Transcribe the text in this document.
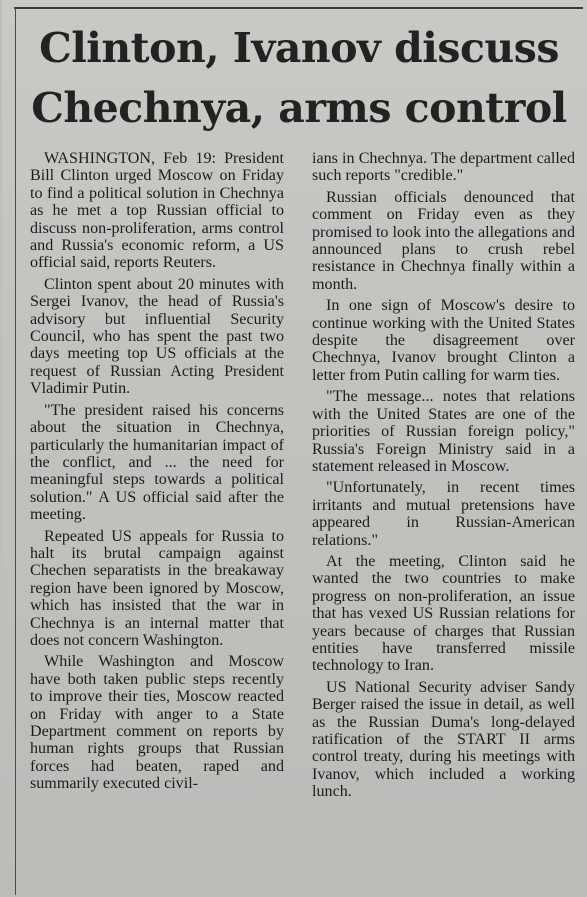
Clinton, Ivanov discuss Chechnya, arms control

WASHINGTON, Feb 19: President Bill Clinton urged Moscow on Friday to find a political solution in Chechnya as he met a top Russian official to discuss non-proliferation, arms control and Russia's economic reform, a US official said, reports Reuters.

Clinton spent about 20 minutes with Sergei Ivanov, the head of Russia's advisory but influential Security Council, who has spent the past two days meeting top US officials at the request of Russian Acting President Vladimir Putin.

"The president raised his concerns about the situation in Chechnya, particularly the humanitarian impact of the conflict, and ... the need for meaningful steps towards a political solution." A US official said after the meeting.

Repeated US appeals for Russia to halt its brutal campaign against Chechen separatists in the breakaway region have been ignored by Moscow, which has insisted that the war in Chechnya is an internal matter that does not concern Washington.

While Washington and Moscow have both taken public steps recently to improve their ties, Moscow reacted on Friday with anger to a State Department comment on reports by human rights groups that Russian forces had beaten, raped and summarily executed civil-

ians in Chechnya. The department called such reports "credible."

Russian officials denounced that comment on Friday even as they promised to look into the allegations and announced plans to crush rebel resistance in Chechnya finally within a month.

In one sign of Moscow's desire to continue working with the United States despite the disagreement over Chechnya, Ivanov brought Clinton a letter from Putin calling for warm ties.

"The message... notes that relations with the United States are one of the priorities of Russian foreign policy," Russia's Foreign Ministry said in a statement released in Moscow.

"Unfortunately, in recent times irritants and mutual pretensions have appeared in Russian-American relations."

At the meeting, Clinton said he wanted the two countries to make progress on non-proliferation, an issue that has vexed US Russian relations for years because of charges that Russian entities have transferred missile technology to Iran.

US National Security adviser Sandy Berger raised the issue in detail, as well as the Russian Duma's long-delayed ratification of the START II arms control treaty, during his meetings with Ivanov, which included a working lunch.
